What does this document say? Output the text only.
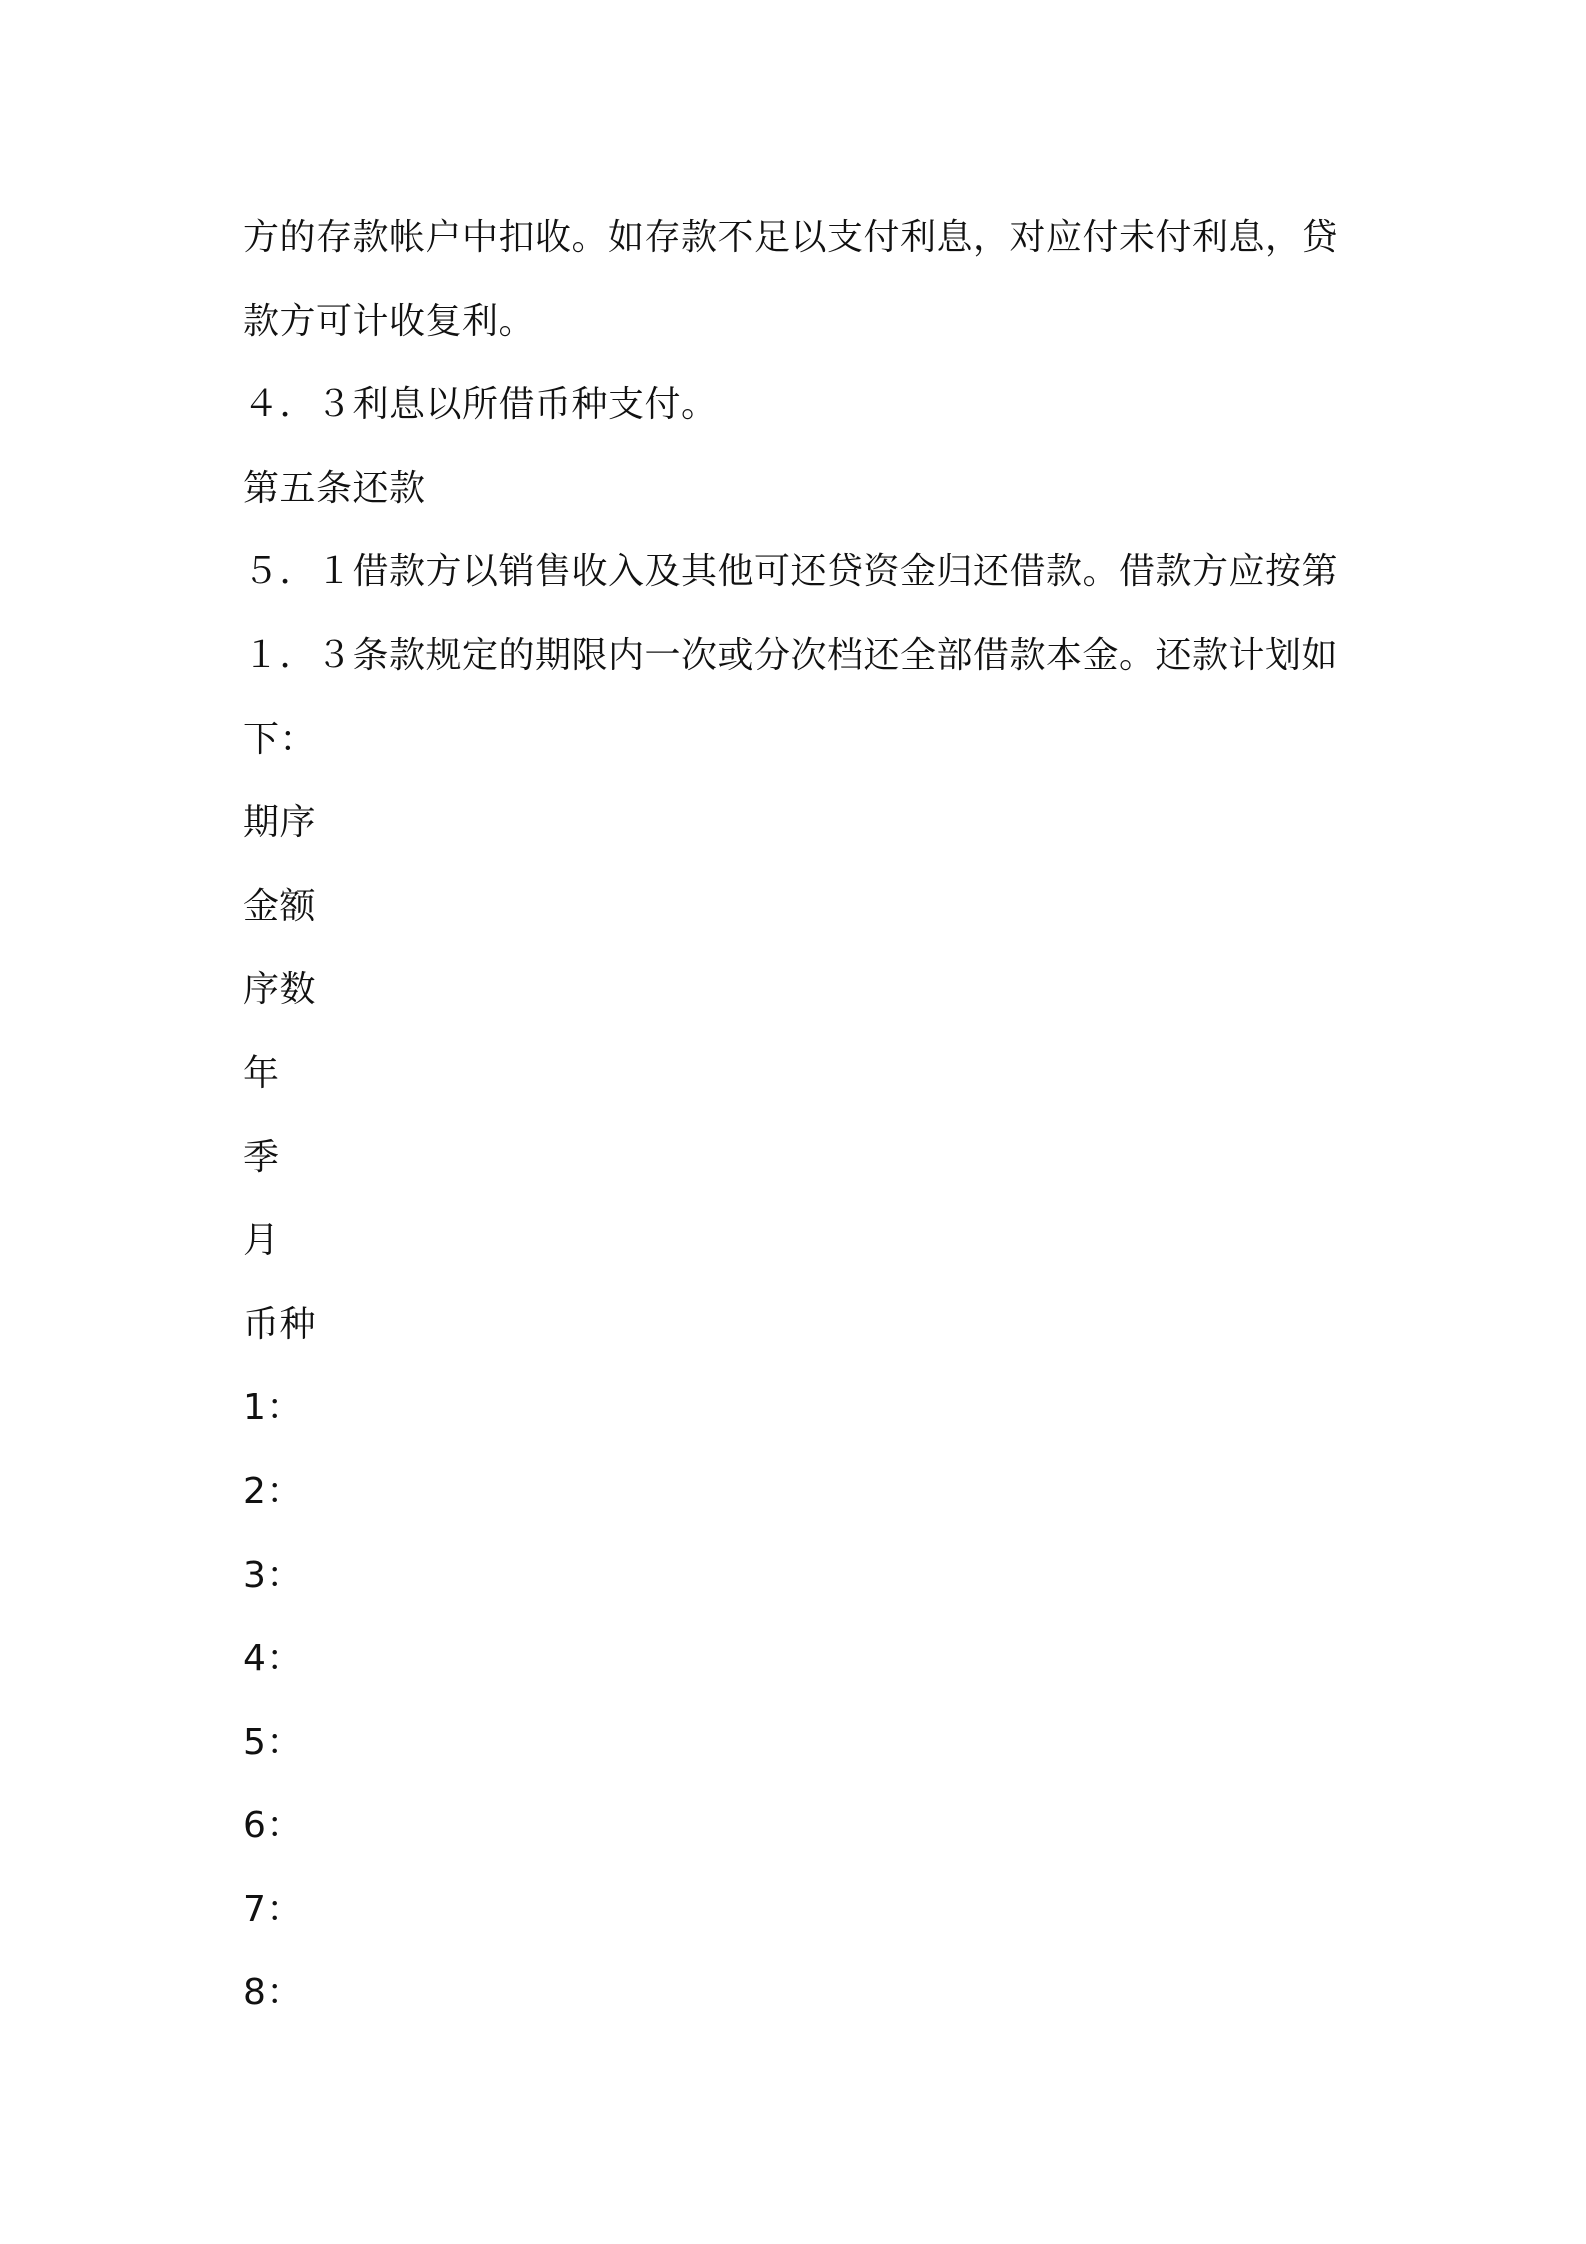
方的存款帐户中扣收。如存款不足以支付利息，对应付未付利息，贷
款方可计收复利。
４．３利息以所借币种支付。
第五条还款
５．１借款方以销售收入及其他可还贷资金归还借款。借款方应按第
１．３条款规定的期限内一次或分次档还全部借款本金。还款计划如
下：
期序
金额
序数
年
季
月
币种
1：
2：
3：
4：
5：
6：
7：
8：
